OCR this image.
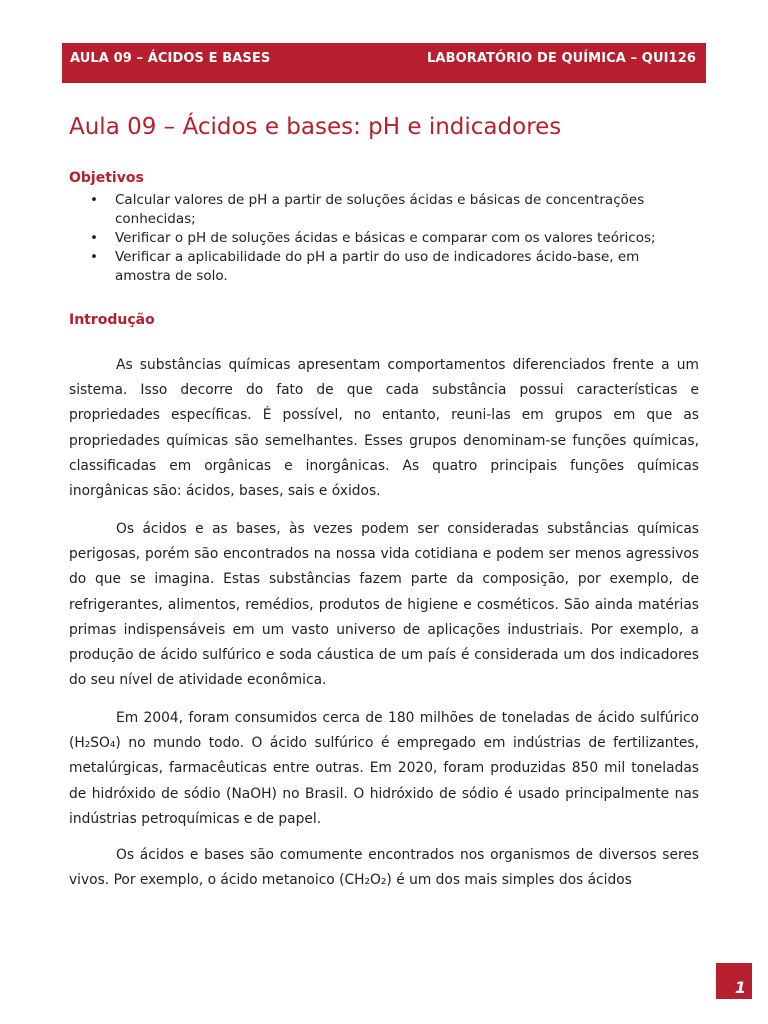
AULA 09 – ÁCIDOS E BASES	LABORATÓRIO DE QUÍMICA – QUI126
Aula 09 – Ácidos e bases: pH e indicadores
Objetivos
• Calcular valores de pH a partir de soluções ácidas e básicas de concentrações conhecidas;
• Verificar o pH de soluções ácidas e básicas e comparar com os valores teóricos;
• Verificar a aplicabilidade do pH a partir do uso de indicadores ácido-base, em amostra de solo.
Introdução

As substâncias químicas apresentam comportamentos diferenciados frente a um sistema. Isso decorre do fato de que cada substância possui características e propriedades específicas. É possível, no entanto, reuni-las em grupos em que as propriedades químicas são semelhantes. Esses grupos denominam-se funções químicas, classificadas em orgânicas e inorgânicas. As quatro principais funções químicas inorgânicas são: ácidos, bases, sais e óxidos.

Os ácidos e as bases, às vezes podem ser consideradas substâncias químicas perigosas, porém são encontrados na nossa vida cotidiana e podem ser menos agressivos do que se imagina. Estas substâncias fazem parte da composição, por exemplo, de refrigerantes, alimentos, remédios, produtos de higiene e cosméticos. São ainda matérias primas indispensáveis em um vasto universo de aplicações industriais. Por exemplo, a produção de ácido sulfúrico e soda cáustica de um país é considerada um dos indicadores do seu nível de atividade econômica.

Em 2004, foram consumidos cerca de 180 milhões de toneladas de ácido sulfúrico (H₂SO₄) no mundo todo. O ácido sulfúrico é empregado em indústrias de fertilizantes, metalúrgicas, farmacêuticas entre outras. Em 2020, foram produzidas 850 mil toneladas de hidróxido de sódio (NaOH) no Brasil. O hidróxido de sódio é usado principalmente nas indústrias petroquímicas e de papel.

Os ácidos e bases são comumente encontrados nos organismos de diversos seres vivos. Por exemplo, o ácido metanoico (CH₂O₂) é um dos mais simples dos ácidos

1
